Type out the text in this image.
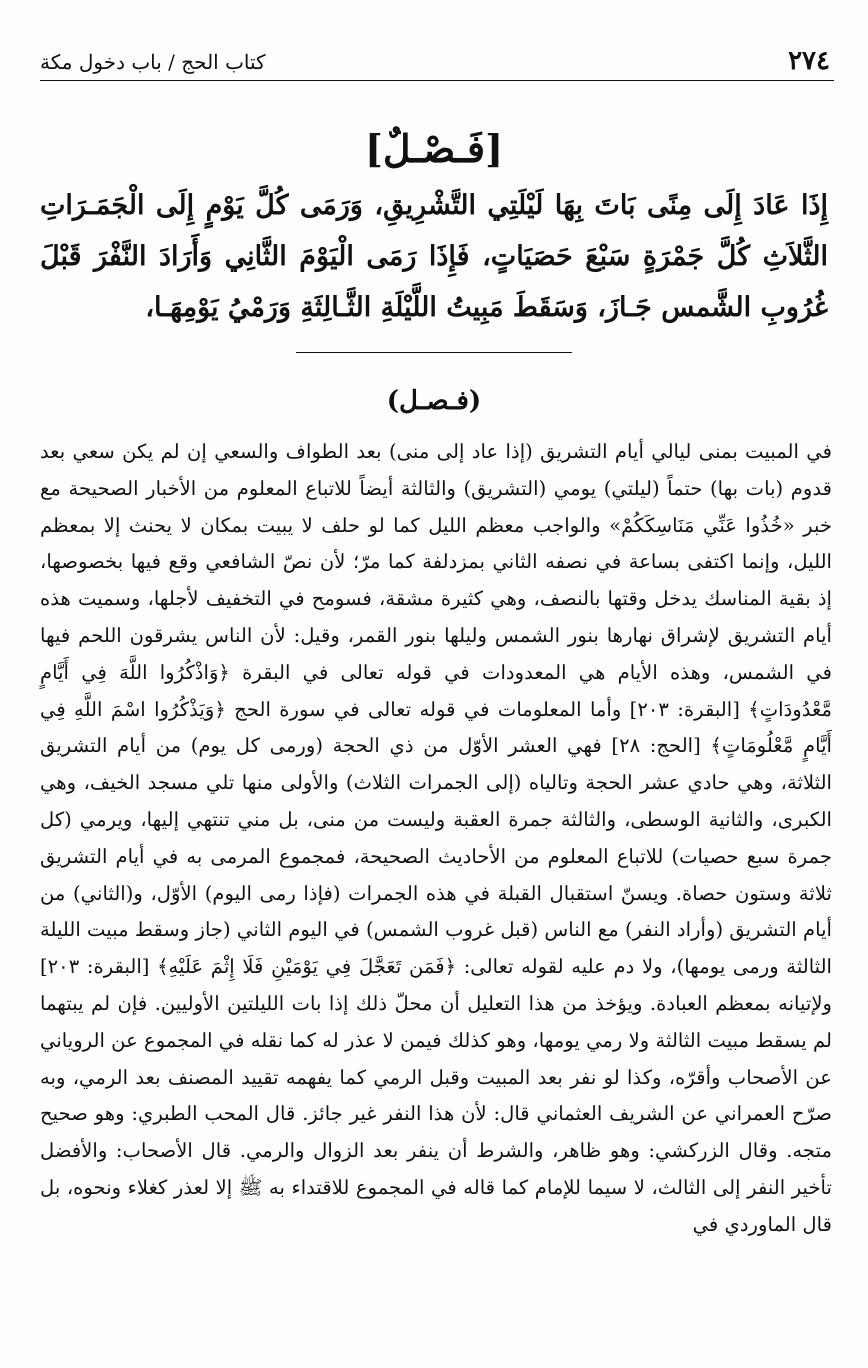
٢٧٤
كتاب الحج / باب دخول مكة
[فَـصْـلٌ]

إِذَا عَادَ إِلَى مِنًى بَاتَ بِهَا لَيْلَتِي التَّشْرِيقِ، وَرَمَى كُلَّ يَوْمٍ إِلَى الْجَمَـرَاتِ الثَّلاَثِ كُلَّ جَمْرَةٍ سَبْعَ حَصَيَاتٍ، فَإِذَا رَمَى الْيَوْمَ الثَّانِي وَأَرَادَ النَّفْرَ قَبْلَ غُرُوبِ الشَّمس جَـازَ، وَسَقَطَ مَبِيتُ اللَّيْلَةِ الثَّـالِثَةِ وَرَمْيُ يَوْمِهَـا،

(فـصـل)

في المبيت بمنى ليالي أيام التشريق (إذا عاد إلى منى) بعد الطواف والسعي إن لم يكن سعي بعد قدوم (بات بها) حتماً (ليلتي) يومي (التشريق) والثالثة أيضاً للاتباع المعلوم من الأخبار الصحيحة مع خبر «خُذُوا عَنِّي مَنَاسِكَكُمْ» والواجب معظم الليل كما لو حلف لا يبيت بمكان لا يحنث إلا بمعظم الليل، وإنما اكتفى بساعة في نصفه الثاني بمزدلفة كما مرّ؛ لأن نصّ الشافعي وقع فيها بخصوصها، إذ بقية المناسك يدخل وقتها بالنصف، وهي كثيرة مشقة، فسومح في التخفيف لأجلها، وسميت هذه أيام التشريق لإشراق نهارها بنور الشمس وليلها بنور القمر، وقيل: لأن الناس يشرقون اللحم فيها في الشمس، وهذه الأيام هي المعدودات في قوله تعالى في البقرة ﴿وَاذْكُرُوا اللَّهَ فِي أَيَّامٍ مَّعْدُودَاتٍ﴾ [البقرة: ٢٠٣] وأما المعلومات في قوله تعالى في سورة الحج ﴿وَيَذْكُرُوا اسْمَ اللَّهِ فِي أَيَّامٍ مَّعْلُومَاتٍ﴾ [الحج: ٢٨] فهي العشر الأوّل من ذي الحجة (ورمى كل يوم) من أيام التشريق الثلاثة، وهي حادي عشر الحجة وتالياه (إلى الجمرات الثلاث) والأولى منها تلي مسجد الخيف، وهي الكبرى، والثانية الوسطى، والثالثة جمرة العقبة وليست من منى، بل مني تنتهي إليها، ويرمي (كل جمرة سبع حصيات) للاتباع المعلوم من الأحاديث الصحيحة، فمجموع المرمى به في أيام التشريق ثلاثة وستون حصاة. ويسنّ استقبال القبلة في هذه الجمرات (فإذا رمى اليوم) الأوّل، و(الثاني) من أيام التشريق (وأراد النفر) مع الناس (قبل غروب الشمس) في اليوم الثاني (جاز وسقط مبيت الليلة الثالثة ورمى يومها)، ولا دم عليه لقوله تعالى: ﴿فَمَن تَعَجَّلَ فِي يَوْمَيْنِ فَلَا إِثْمَ عَلَيْهِ﴾ [البقرة: ٢٠٣] ولإتيانه بمعظم العبادة. ويؤخذ من هذا التعليل أن محلّ ذلك إذا بات الليلتين الأوليين. فإن لم يبتهما لم يسقط مبيت الثالثة ولا رمي يومها، وهو كذلك فيمن لا عذر له كما نقله في المجموع عن الروياني عن الأصحاب وأقرّه، وكذا لو نفر بعد المبيت وقبل الرمي كما يفهمه تقييد المصنف بعد الرمي، وبه صرّح العمراني عن الشريف العثماني قال: لأن هذا النفر غير جائز. قال المحب الطبري: وهو صحيح متجه. وقال الزركشي: وهو ظاهر، والشرط أن ينفر بعد الزوال والرمي. قال الأصحاب: والأفضل تأخير النفر إلى الثالث، لا سيما للإمام كما قاله في المجموع للاقتداء به ﷺ إلا لعذر كغلاء ونحوه، بل قال الماوردي في
